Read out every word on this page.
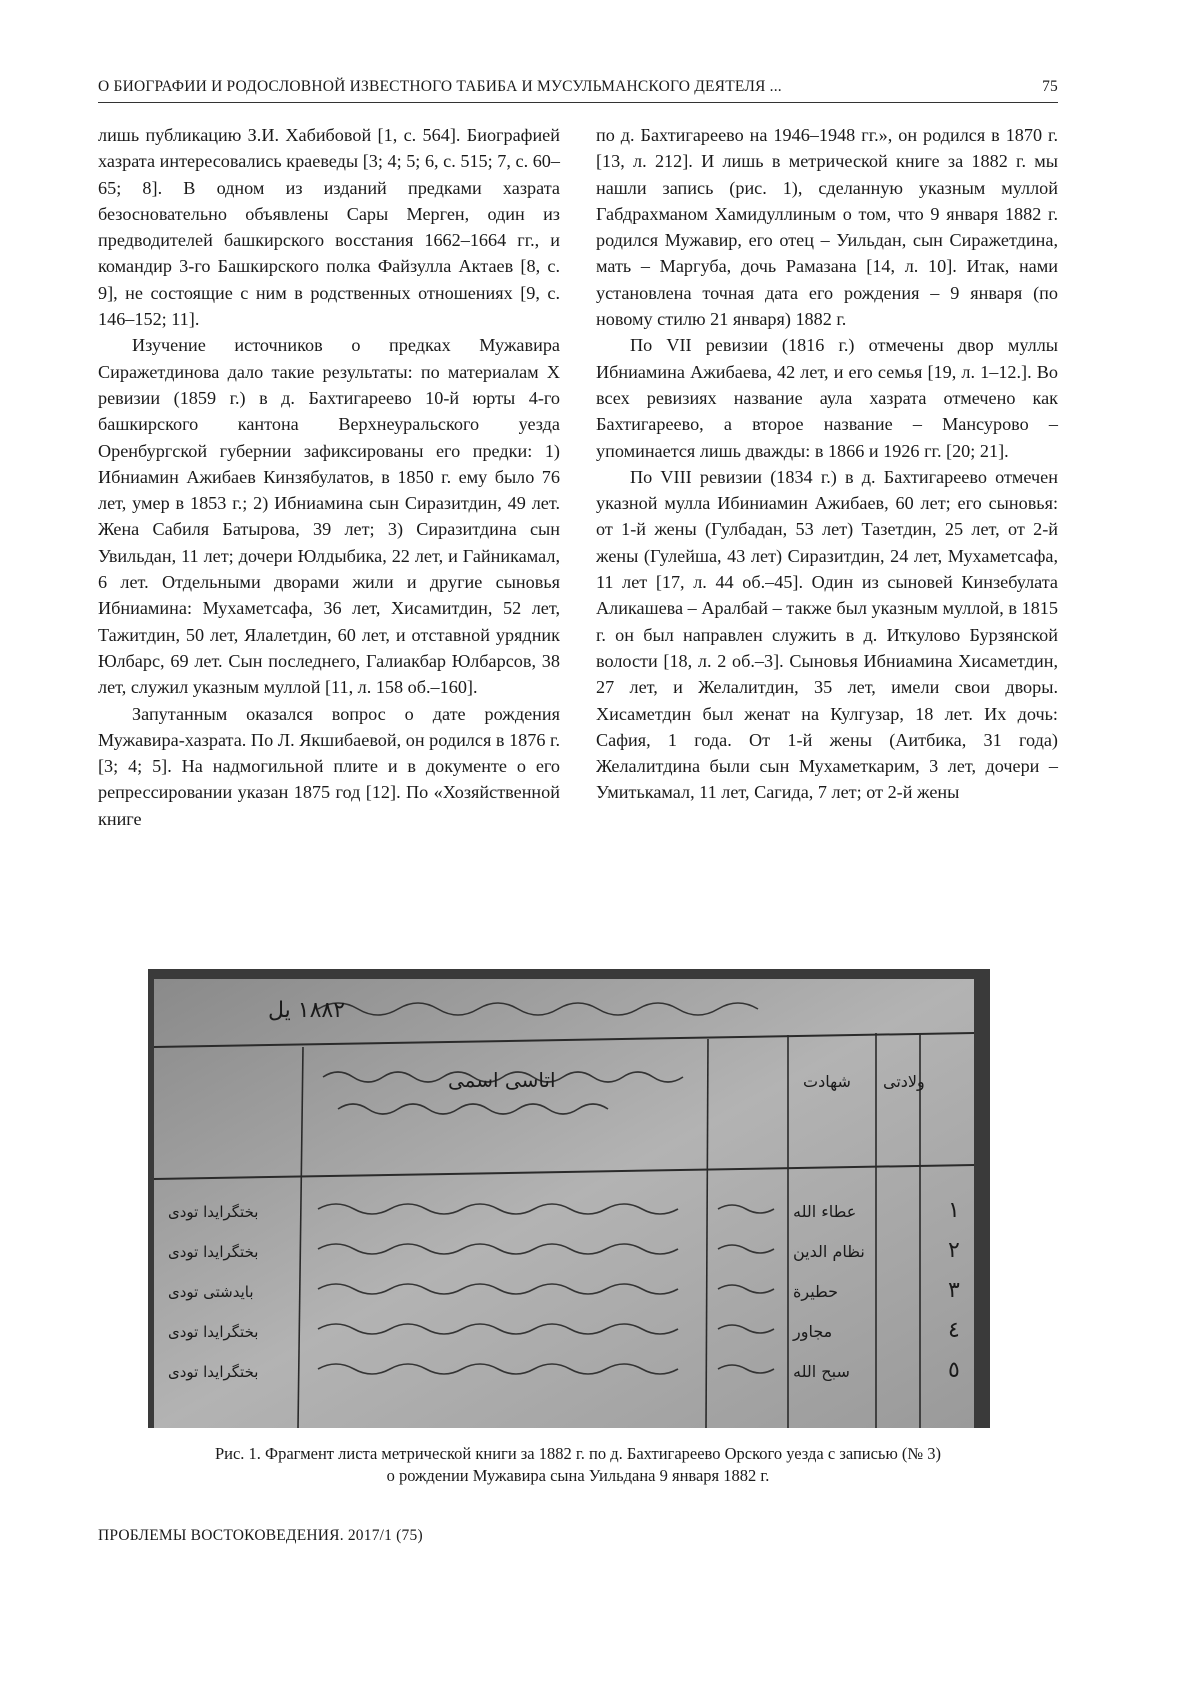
О БИОГРАФИИ И РОДОСЛОВНОЙ ИЗВЕСТНОГО ТАБИБА И МУСУЛЬМАНСКОГО ДЕЯТЕЛЯ ...	75

лишь публикацию З.И. Хабибовой [1, с. 564]. Биографией хазрата интересовались краеведы [3; 4; 5; 6, с. 515; 7, с. 60–65; 8]. В одном из изданий предками хазрата безосновательно объявлены Сары Мерген, один из предводителей башкирского восстания 1662–1664 гг., и командир 3-го Башкирского полка Файзулла Актаев [8, с. 9], не состоящие с ним в родственных отношениях [9, с. 146–152; 11].

Изучение источников о предках Мужавира Сиражетдинова дало такие результаты: по материалам X ревизии (1859 г.) в д. Бахтигареево 10-й юрты 4-го башкирского кантона Верхнеуральского уезда Оренбургской губернии зафиксированы его предки: 1) Ибниамин Ажибаев Кинзябулатов, в 1850 г. ему было 76 лет, умер в 1853 г.; 2) Ибниамина сын Сиразитдин, 49 лет. Жена Сабиля Батырова, 39 лет; 3) Сиразитдина сын Увильдан, 11 лет; дочери Юлдыбика, 22 лет, и Гайникамал, 6 лет. Отдельными дворами жили и другие сыновья Ибниамина: Мухаметсафа, 36 лет, Хисамитдин, 52 лет, Тажитдин, 50 лет, Ялалетдин, 60 лет, и отставной урядник Юлбарс, 69 лет. Сын последнего, Галиакбар Юлбарсов, 38 лет, служил указным муллой [11, л. 158 об.–160].

Запутанным оказался вопрос о дате рождения Мужавира-хазрата. По Л. Якшибаевой, он родился в 1876 г. [3; 4; 5]. На надмогильной плите и в документе о его репрессировании указан 1875 год [12]. По «Хозяйственной книге

по д. Бахтигареево на 1946–1948 гг.», он родился в 1870 г. [13, л. 212]. И лишь в метрической книге за 1882 г. мы нашли запись (рис. 1), сделанную указным муллой Габдрахманом Хамидуллиным о том, что 9 января 1882 г. родился Мужавир, его отец – Уильдан, сын Сиражетдина, мать – Маргуба, дочь Рамазана [14, л. 10]. Итак, нами установлена точная дата его рождения – 9 января (по новому стилю 21 января) 1882 г.

По VII ревизии (1816 г.) отмечены двор муллы Ибниамина Ажибаева, 42 лет, и его семья [19, л. 1–12.]. Во всех ревизиях название аула хазрата отмечено как Бахтигареево, а второе название – Мансурово – упоминается лишь дважды: в 1866 и 1926 гг. [20; 21].

По VIII ревизии (1834 г.) в д. Бахтигареево отмечен указной мулла Ибиниамин Ажибаев, 60 лет; его сыновья: от 1-й жены (Гулбадан, 53 лет) Тазетдин, 25 лет, от 2-й жены (Гулейша, 43 лет) Сиразитдин, 24 лет, Мухаметсафа, 11 лет [17, л. 44 об.–45]. Один из сыновей Кинзебулата Аликашева – Аралбай – также был указным муллой, в 1815 г. он был направлен служить в д. Иткулово Бурзянской волости [18, л. 2 об.–3]. Сыновья Ибниамина Хисаметдин, 27 лет, и Желалитдин, 35 лет, имели свои дворы. Хисаметдин был женат на Кулгузар, 18 лет. Их дочь: Сафия, 1 года. От 1-й жены (Аитбика, 31 года) Желалитдина были сын Мухаметкарим, 3 лет, дочери – Умитькамал, 11 лет, Сагида, 7 лет; от 2-й жены

١٨٨٢ يل
اتاسى اسمى	شهادت ولادتى
١
٢
٣
٤
٥
عطاء الله
نظام الدين
حطيرة
مجاور
سبح الله
بختگرايدا تودى
بختگرايدا تودى
بايدشتى تودى
بختگرايدا تودى
بختگرايدا تودى
Рис. 1. Фрагмент листа метрической книги за 1882 г. по д. Бахтигареево Орского уезда с записью (№ 3)
о рождении Мужавира сына Уильдана 9 января 1882 г.
ПРОБЛЕМЫ ВОСТОКОВЕДЕНИЯ. 2017/1 (75)
